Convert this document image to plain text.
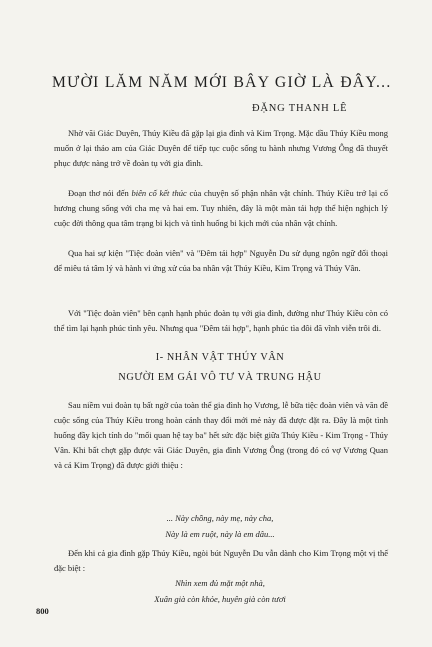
MƯỜI LĂM NĂM MỚI BÂY GIỜ LÀ ĐÂY...
ĐẶNG THANH LÊ

Nhờ vãi Giác Duyên, Thúy Kiều đã gặp lại gia đình và Kim Trọng. Mặc dầu Thúy Kiều mong muốn ở lại thảo am của Giác Duyên để tiếp tục cuộc sống tu hành nhưng Vương Ông đã thuyết phục được nàng trở về đoàn tụ với gia đình.

Đoạn thơ nói đến biên cố kết thúc của chuyện số phận nhân vật chính. Thúy Kiều trở lại cố hương chung sống với cha mẹ và hai em. Tuy nhiên, đây là một màn tái hợp thể hiện nghịch lý cuộc đời thông qua tâm trạng bi kịch và tình huống bi kịch mới của nhân vật chính.

Qua hai sự kiện "Tiệc đoàn viên" và "Đêm tái hợp" Nguyễn Du sử dụng ngôn ngữ đối thoại để miêu tả tâm lý và hành vi ứng xử của ba nhân vật Thúy Kiều, Kim Trọng và Thúy Vân.

Với "Tiệc đoàn viên" bên cạnh hạnh phúc đoàn tụ với gia đình, đường như Thúy Kiều còn có thể tìm lại hạnh phúc tình yêu. Nhưng qua "Đêm tái hợp", hạnh phúc tìa đôi đã vĩnh viễn trôi đi.

I- NHÂN VẬT THÚY VÂN
NGƯỜI EM GÁI VÔ TƯ VÀ TRUNG HẬU

Sau niềm vui đoàn tụ bất ngờ của toàn thể gia đình họ Vương, lễ bữa tiệc đoàn viên và văn đề cuộc sống của Thúy Kiều trong hoàn cảnh thay đổi mới mẻ này đã được đặt ra. Đây là một tình huống đầy kịch tính do "mối quan hệ tay ba" hết sức đặc biệt giữa Thúy Kiều - Kim Trọng - Thúy Vân. Khi bất chợt gặp được vãi Giác Duyên, gia đình Vương Ông (trong đó có vợ Vương Quan và cả Kim Trọng) đã được giới thiệu :

... Này chồng, này mẹ, này cha,
Này là em ruột, này là em dâu...

Đến khi cả gia đình gặp Thúy Kiều, ngòi bút Nguyễn Du vẫn dành cho Kim Trọng một vị thế đặc biệt :

Nhìn xem đủ mặt một nhà,
Xuân già còn khỏe, huyên già còn tươi
800
